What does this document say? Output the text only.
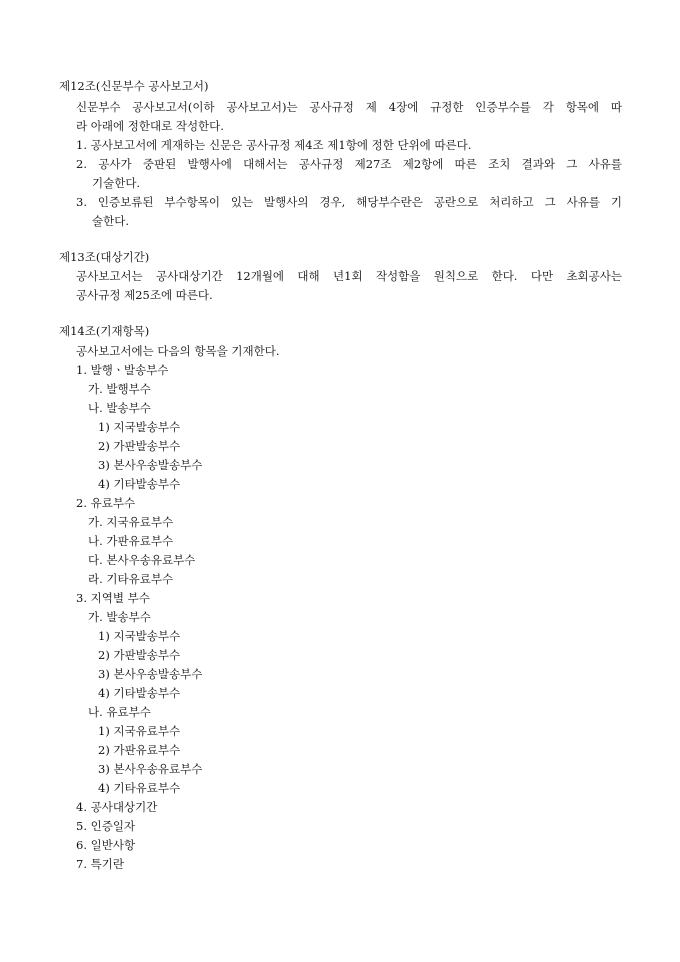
제12조(신문부수 공사보고서)
신문부수 공사보고서(이하 공사보고서)는 공사규정 제 4장에 규정한 인증부수를 각 항목에 따
라 아래에 정한대로 작성한다.
1. 공사보고서에 게재하는 신문은 공사규정 제4조 제1항에 정한 단위에 따른다.
2. 공사가 중판된 발행사에 대해서는 공사규정 제27조 제2항에 따른 조치 결과와 그 사유를
기술한다.
3. 인증보류된 부수항목이 있는 발행사의 경우, 해당부수란은 공란으로 처리하고 그 사유를 기
술한다.
제13조(대상기간)
공사보고서는 공사대상기간 12개월에 대해 년1회 작성함을 원칙으로 한다. 다만 초회공사는
공사규정 제25조에 따른다.
제14조(기재항목)
공사보고서에는 다음의 항목을 기재한다.
1. 발행ㆍ발송부수
가. 발행부수
나. 발송부수
1) 지국발송부수
2) 가판발송부수
3) 본사우송발송부수
4) 기타발송부수
2. 유료부수
가. 지국유료부수
나. 가판유료부수
다. 본사우송유료부수
라. 기타유료부수
3. 지역별 부수
가. 발송부수
1) 지국발송부수
2) 가판발송부수
3) 본사우송발송부수
4) 기타발송부수
나. 유료부수
1) 지국유료부수
2) 가판유료부수
3) 본사우송유료부수
4) 기타유료부수
4. 공사대상기간
5. 인증일자
6. 일반사항
7. 특기란
